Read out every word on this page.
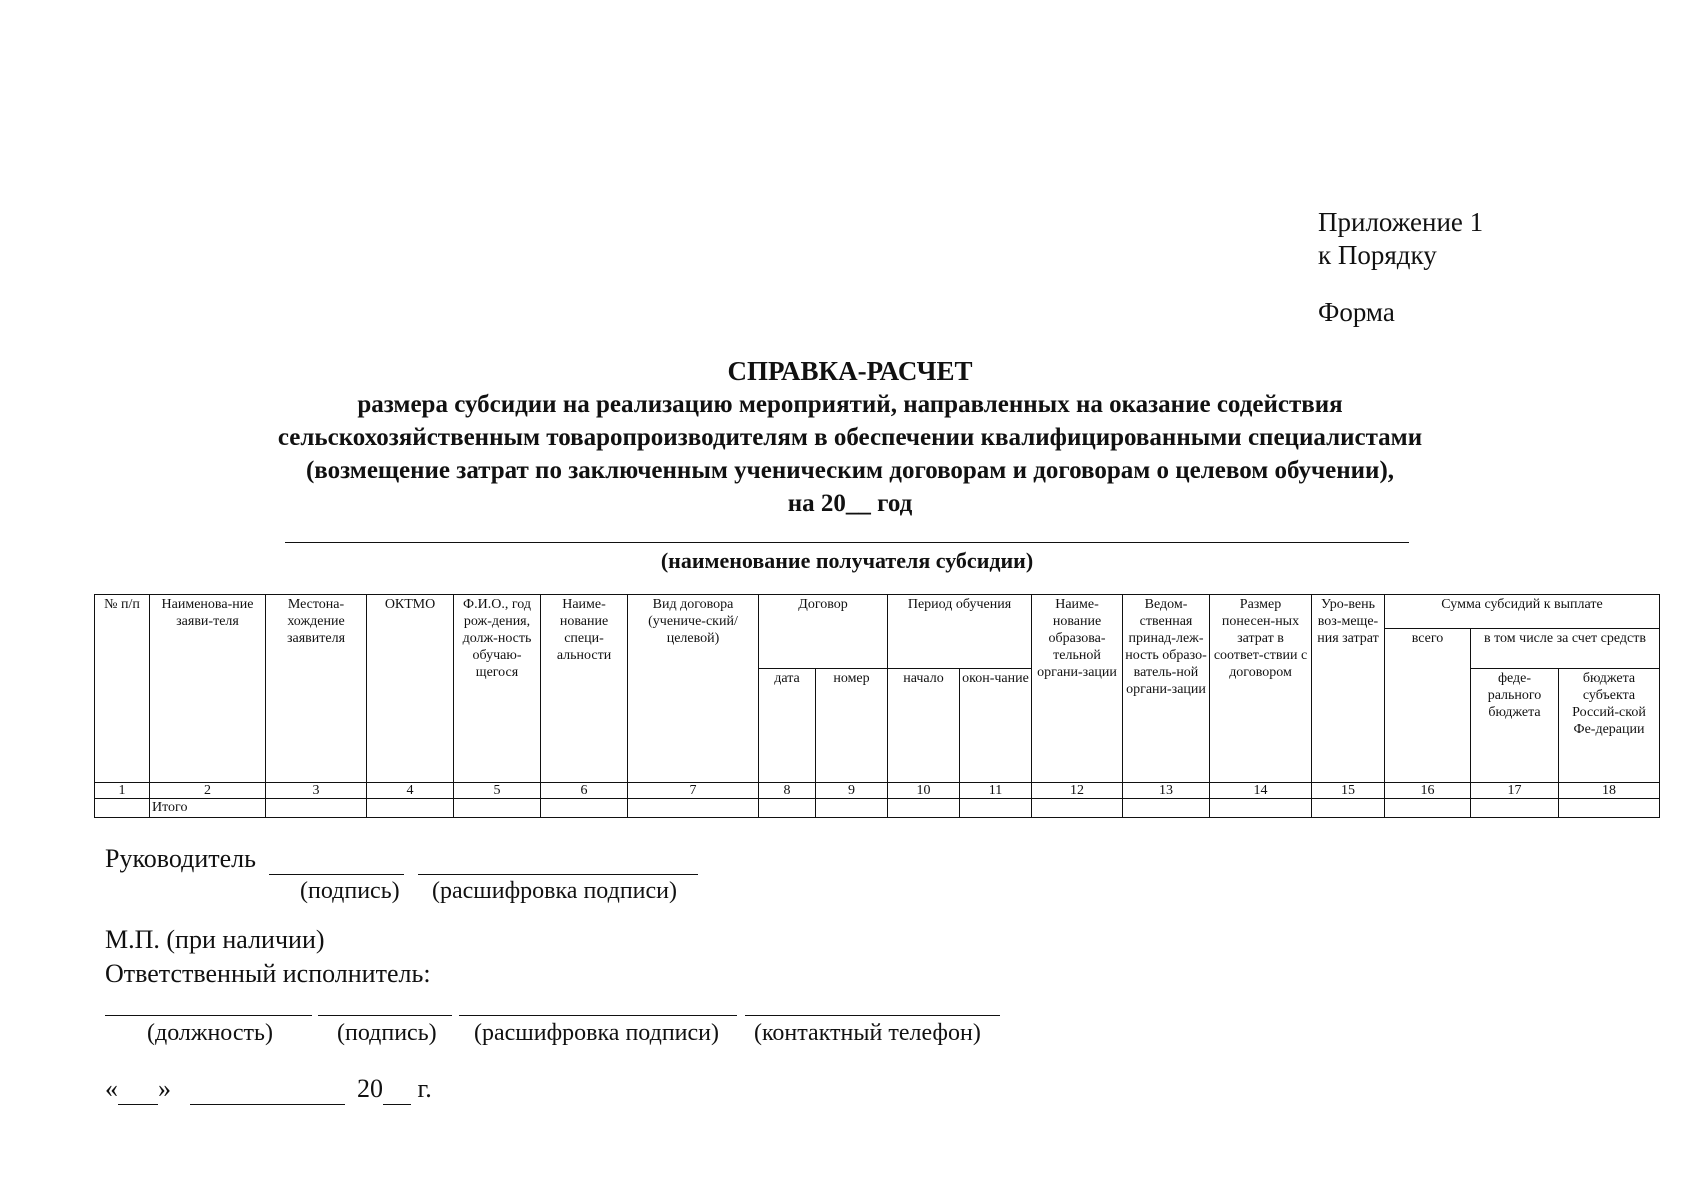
Приложение 1
к Порядку
Форма
СПРАВКА-РАСЧЕТ
размера субсидии на реализацию мероприятий, направленных на оказание содействия
сельскохозяйственным товаропроизводителям в обеспечении квалифицированными специалистами
(возмещение затрат по заключенным ученическим договорам и договорам о целевом обучении),
на 20__ год
(наименование получателя субсидии)
№ п/п	Наименова-ние заяви-теля	Местона-хождение заявителя	ОКТМО	Ф.И.О., год рож-дения, долж-ность обучаю-щегося	Наиме-нование специ-альности	Вид договора (учениче-ский/целевой)	Договор		Период обучения		Наиме-нование образова-тельной органи-зации	Ведом-ственная принад-леж-ность образо-ватель-ной органи-зации	Размер понесен-ных затрат в соответ-ствии с договором	Уро-вень воз-меще-ния затрат	Сумма субсидий к выплате		
															всего	в том числе за счет средств	
							дата	номер	начало	окон-чание						феде-рального бюджета	бюджета субъекта Россий-ской Фе-дерации
1	2	3	4	5	6	7	8	9	10	11	12	13	14	15	16	17	18
	Итого																
Руководитель
(подпись) (расшифровка подписи)
М.П. (при наличии)
Ответственный исполнитель:
(должность)	(подпись) (расшифровка подписи) (контактный телефон)
« »	20  г.
